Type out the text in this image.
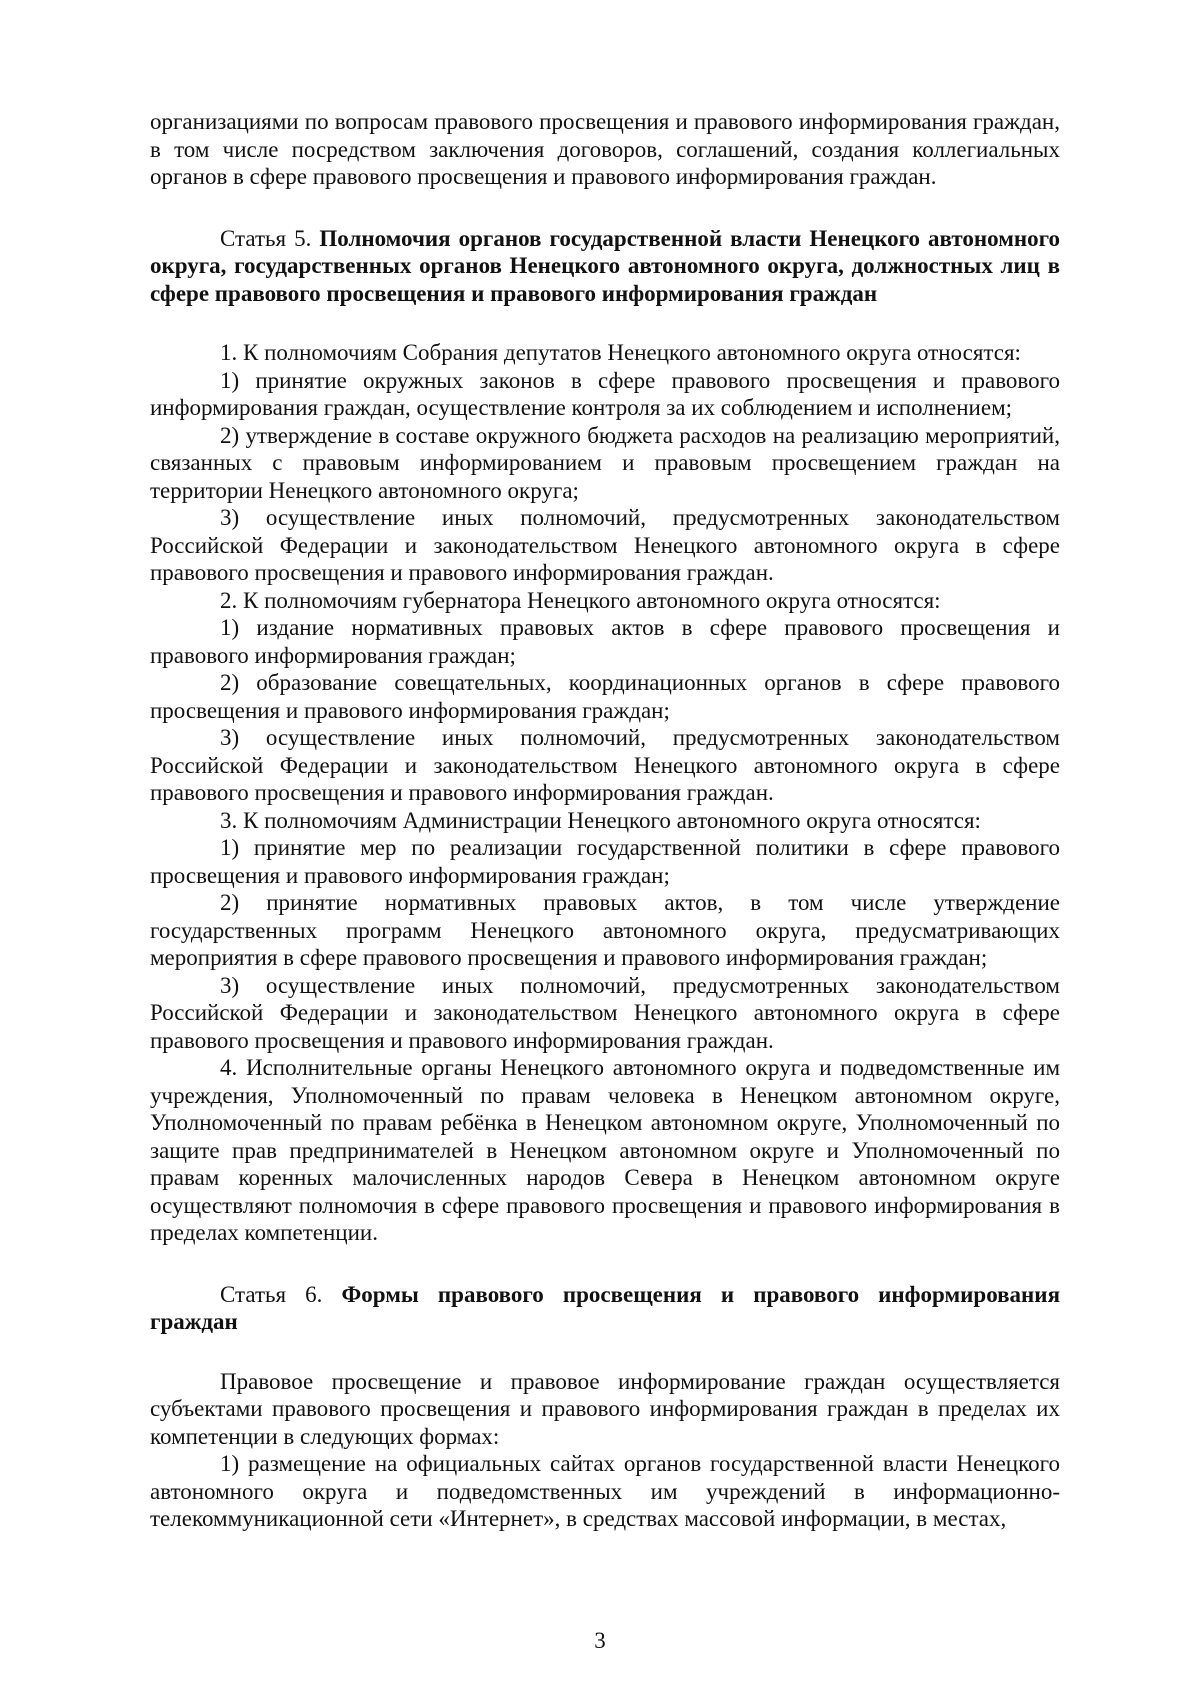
организациями по вопросам правового просвещения и правового информирования граждан, в том числе посредством заключения договоров, соглашений, создания коллегиальных органов в сфере правового просвещения и правового информирования граждан.

Статья 5. Полномочия органов государственной власти Ненецкого автономного округа, государственных органов Ненецкого автономного округа, должностных лиц в сфере правового просвещения и правового информирования граждан

1. К полномочиям Собрания депутатов Ненецкого автономного округа относятся:

1) принятие окружных законов в сфере правового просвещения и правового информирования граждан, осуществление контроля за их соблюдением и исполнением;

2) утверждение в составе окружного бюджета расходов на реализацию мероприятий, связанных с правовым информированием и правовым просвещением граждан на территории Ненецкого автономного округа;

3) осуществление иных полномочий, предусмотренных законодательством Российской Федерации и законодательством Ненецкого автономного округа в сфере правового просвещения и правового информирования граждан.

2. К полномочиям губернатора Ненецкого автономного округа относятся:

1) издание нормативных правовых актов в сфере правового просвещения и правового информирования граждан;

2) образование совещательных, координационных органов в сфере правового просвещения и правового информирования граждан;

3) осуществление иных полномочий, предусмотренных законодательством Российской Федерации и законодательством Ненецкого автономного округа в сфере правового просвещения и правового информирования граждан.

3. К полномочиям Администрации Ненецкого автономного округа относятся:

1) принятие мер по реализации государственной политики в сфере правового просвещения и правового информирования граждан;

2) принятие нормативных правовых актов, в том числе утверждение государственных программ Ненецкого автономного округа, предусматривающих мероприятия в сфере правового просвещения и правового информирования граждан;

3) осуществление иных полномочий, предусмотренных законодательством Российской Федерации и законодательством Ненецкого автономного округа в сфере правового просвещения и правового информирования граждан.

4. Исполнительные органы Ненецкого автономного округа и подведомственные им учреждения, Уполномоченный по правам человека в Ненецком автономном округе, Уполномоченный по правам ребёнка в Ненецком автономном округе, Уполномоченный по защите прав предпринимателей в Ненецком автономном округе и Уполномоченный по правам коренных малочисленных народов Севера в Ненецком автономном округе осуществляют полномочия в сфере правового просвещения и правового информирования в пределах компетенции.

Статья 6. Формы правового просвещения и правового информирования граждан

Правовое просвещение и правовое информирование граждан осуществляется субъектами правового просвещения и правового информирования граждан в пределах их компетенции в следующих формах:

1) размещение на официальных сайтах органов государственной власти Ненецкого автономного округа и подведомственных им учреждений в информационно-телекоммуникационной сети «Интернет», в средствах массовой информации, в местах,

3
